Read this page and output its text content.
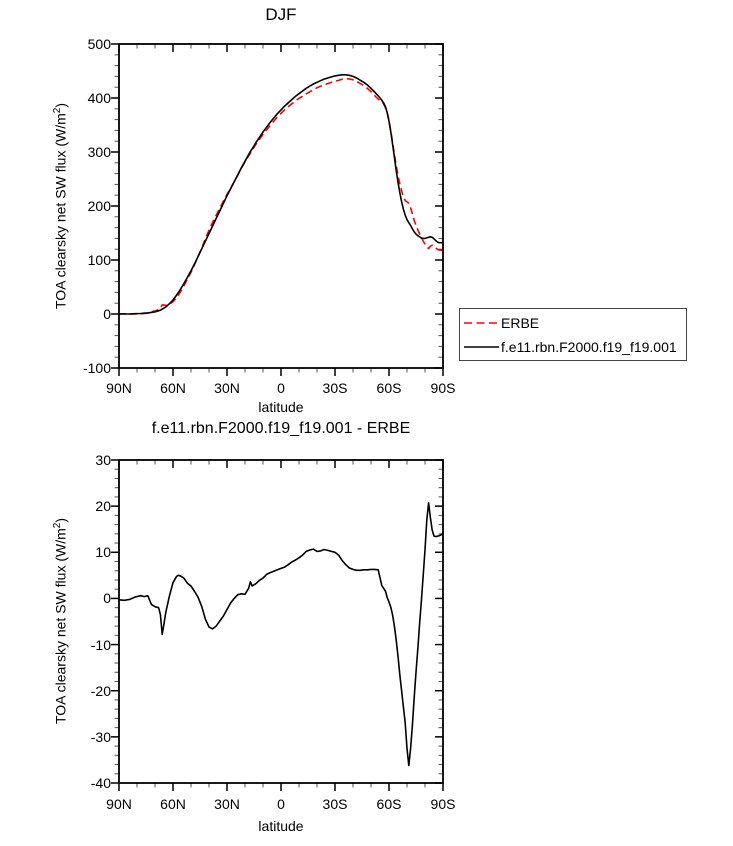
DJF
TOA clearsky net SW flux $(W/m^2)$
latitude
ERBE
f.e11.rbn.F2000.f19_f19.001
f.e11.rbn.F2000.f19_f19.001 - ERBE
TOA clearsky net SW flux $(W/m^2)$
latitude
500
400
300
200
100
0
-100
90N	60N	30N	0	30S	60S	90S
30
20
10
0
-10
-20
-30
-40
90N	60N	30N	0	30S	60S	90S
